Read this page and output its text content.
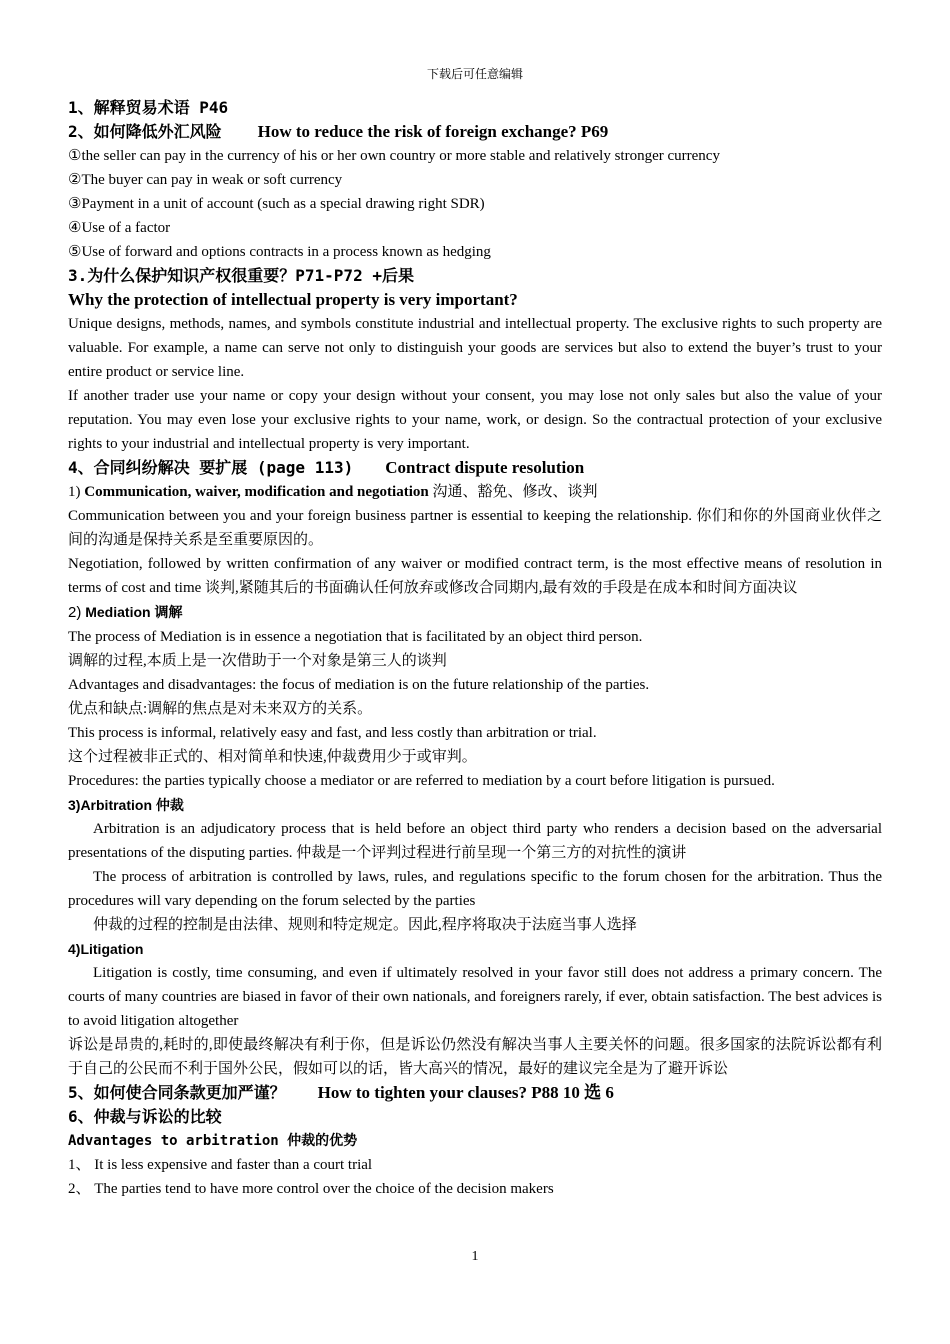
下载后可任意编辑
1、解释贸易术语 P46
2、如何降低外汇风险 How to reduce the risk of foreign exchange? P69
①the seller can pay in the currency of his or her own country or more stable and relatively stronger currency
②The buyer can pay in weak or soft currency
③Payment in a unit of account (such as a special drawing right SDR)
④Use of a factor
⑤Use of forward and options contracts in a process known as hedging
3.为什么保护知识产权很重要？P71-P72 +后果
Why the protection of intellectual property is very important?
Unique designs, methods, names, and symbols constitute industrial and intellectual property. The exclusive rights to such property are valuable. For example, a name can serve not only to distinguish your goods are services but also to extend the buyer’s trust to your entire product or service line.
If another trader use your name or copy your design without your consent, you may lose not only sales but also the value of your reputation. You may even lose your exclusive rights to your name, work, or design. So the contractual protection of your exclusive rights to your industrial and intellectual property is very important.
4、合同纠纷解决 要扩展 (page 113) Contract dispute resolution
1) Communication, waiver, modification and negotiation 沟通、豁免、修改、谈判
Communication between you and your foreign business partner is essential to keeping the relationship. 你们和你的外国商业伙伴之间的沟通是保持关系是至重要原因的。
Negotiation, followed by written confirmation of any waiver or modified contract term, is the most effective means of resolution in terms of cost and time 谈判,紧随其后的书面确认任何放弃或修改合同期内,最有效的手段是在成本和时间方面决议
2) Mediation 调解
The process of Mediation is in essence a negotiation that is facilitated by an object third person.
调解的过程,本质上是一次借助于一个对象是第三人的谈判
Advantages and disadvantages: the focus of mediation is on the future relationship of the parties.
优点和缺点:调解的焦点是对未来双方的关系。
This process is informal, relatively easy and fast, and less costly than arbitration or trial.
这个过程被非正式的、相对简单和快速,仲裁费用少于或审判。
Procedures: the parties typically choose a mediator or are referred to mediation by a court before litigation is pursued.
3)Arbitration 仲裁
Arbitration is an adjudicatory process that is held before an object third party who renders a decision based on the adversarial presentations of the disputing parties. 仲裁是一个评判过程进行前呈现一个第三方的对抗性的演讲
The process of arbitration is controlled by laws, rules, and regulations specific to the forum chosen for the arbitration. Thus the procedures will vary depending on the forum selected by the parties
仲裁的过程的控制是由法律、规则和特定规定。因此,程序将取决于法庭当事人选择
4)Litigation
Litigation is costly, time consuming, and even if ultimately resolved in your favor still does not address a primary concern. The courts of many countries are biased in favor of their own nationals, and foreigners rarely, if ever, obtain satisfaction. The best advices is to avoid litigation altogether
诉讼是昂贵的,耗时的,即使最终解决有利于你，但是诉讼仍然没有解决当事人主要关怀的问题。很多国家的法院诉讼都有利于自己的公民而不利于国外公民，假如可以的话，皆大高兴的情况，最好的建议完全是为了避开诉讼
5、如何使合同条款更加严谨？ How to tighten your clauses? P88 10 选 6
6、仲裁与诉讼的比较
Advantages to arbitration 仲裁的优势
1、 It is less expensive and faster than a court trial
2、 The parties tend to have more control over the choice of the decision makers
1
